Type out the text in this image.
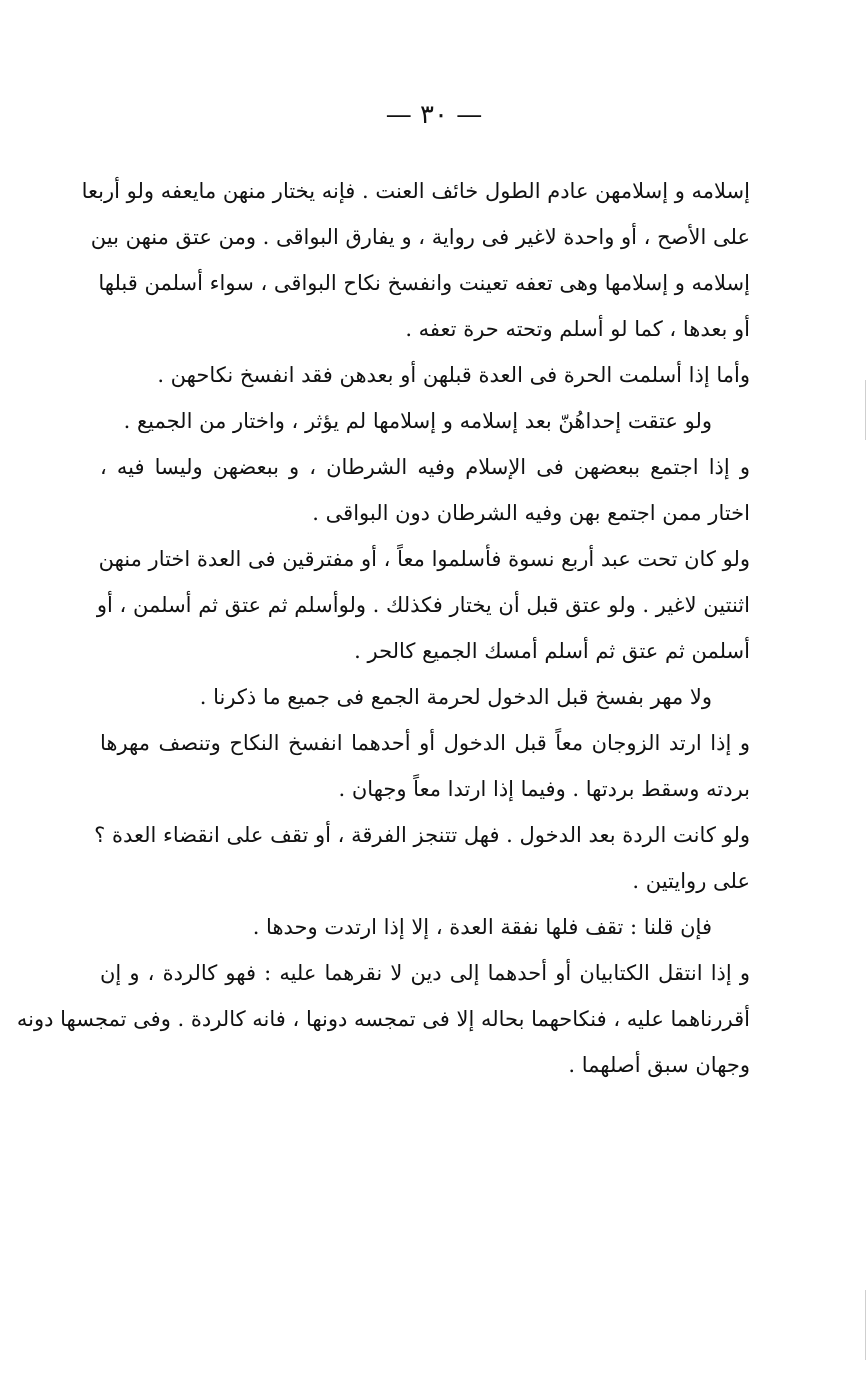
— ٣٠ —
إسلامه و إسلامهن عادم الطول خائف العنت . فإنه يختار منهن مايعفه ولو أربعا
على الأصح ، أو واحدة لاغير فى رواية ، و يفارق البواقى . ومن عتق منهن بين
إسلامه و إسلامها وهى تعفه تعينت وانفسخ نكاح البواقى ، سواء أسلمن قبلها
أو بعدها ، كما لو أسلم وتحته حرة تعفه .
وأما إذا أسلمت الحرة فى العدة قبلهن أو بعدهن فقد انفسخ نكاحهن .
ولو عتقت إحداهُنّ بعد إسلامه و إسلامها لم يؤثر ، واختار من الجميع .
و إذا اجتمع ببعضهن فى الإسلام وفيه الشرطان ، و ببعضهن وليسا فيه ،
اختار ممن اجتمع بهن وفيه الشرطان دون البواقى .
ولو كان تحت عبد أربع نسوة فأسلموا معاً ، أو مفترقين فى العدة اختار منهن
اثنتين لاغير . ولو عتق قبل أن يختار فكذلك . ولوأسلم ثم عتق ثم أسلمن ، أو
أسلمن ثم عتق ثم أسلم أمسك الجميع كالحر .
ولا مهر بفسخ قبل الدخول لحرمة الجمع فى جميع ما ذكرنا .
و إذا ارتد الزوجان معاً قبل الدخول أو أحدهما انفسخ النكاح وتنصف مهرها
بردته وسقط بردتها . وفيما إذا ارتدا معاً وجهان .
ولو كانت الردة بعد الدخول . فهل تتنجز الفرقة ، أو تقف على انقضاء العدة ؟
على روايتين .
فإن قلنا : تقف فلها نفقة العدة ، إلا إذا ارتدت وحدها .
و إذا انتقل الكتابيان أو أحدهما إلى دين لا نقرهما عليه : فهو كالردة ، و إن
أقررناهما عليه ، فنكاحهما بحاله إلا فى تمجسه دونها ، فانه كالردة . وفى تمجسها دونه
وجهان سبق أصلهما .
